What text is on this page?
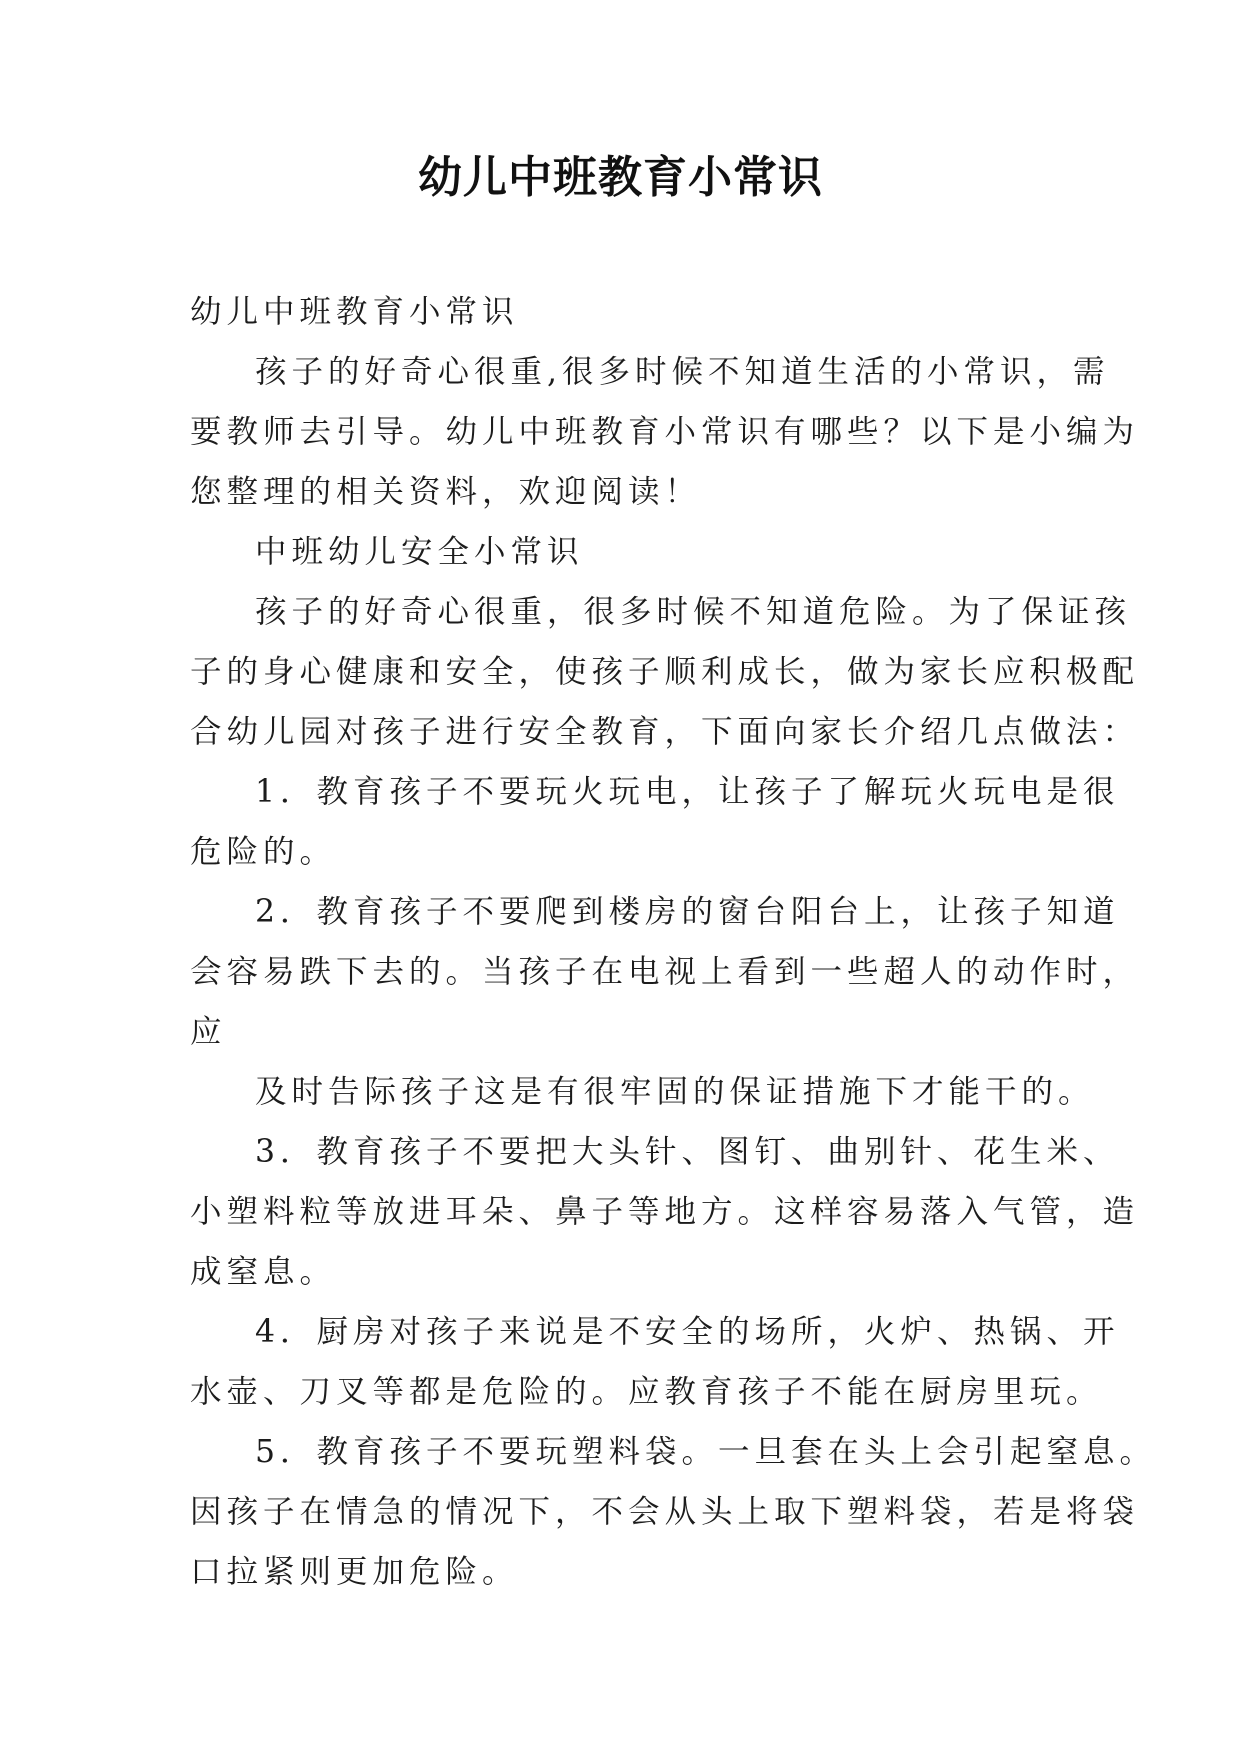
幼儿中班教育小常识
幼儿中班教育小常识
孩子的好奇心很重,很多时候不知道生活的小常识，需
要教师去引导。幼儿中班教育小常识有哪些？以下是小编为
您整理的相关资料，欢迎阅读！
中班幼儿安全小常识
孩子的好奇心很重，很多时候不知道危险。为了保证孩
子的身心健康和安全，使孩子顺利成长，做为家长应积极配
合幼儿园对孩子进行安全教育，下面向家长介绍几点做法：
1．教育孩子不要玩火玩电，让孩子了解玩火玩电是很
危险的。
2．教育孩子不要爬到楼房的窗台阳台上，让孩子知道
会容易跌下去的。当孩子在电视上看到一些超人的动作时，
应
及时告际孩子这是有很牢固的保证措施下才能干的。
3．教育孩子不要把大头针、图钉、曲别针、花生米、
小塑料粒等放进耳朵、鼻子等地方。这样容易落入气管，造
成窒息。
4．厨房对孩子来说是不安全的场所，火炉、热锅、开
水壶、刀叉等都是危险的。应教育孩子不能在厨房里玩。
5．教育孩子不要玩塑料袋。一旦套在头上会引起窒息。
因孩子在情急的情况下，不会从头上取下塑料袋，若是将袋
口拉紧则更加危险。
